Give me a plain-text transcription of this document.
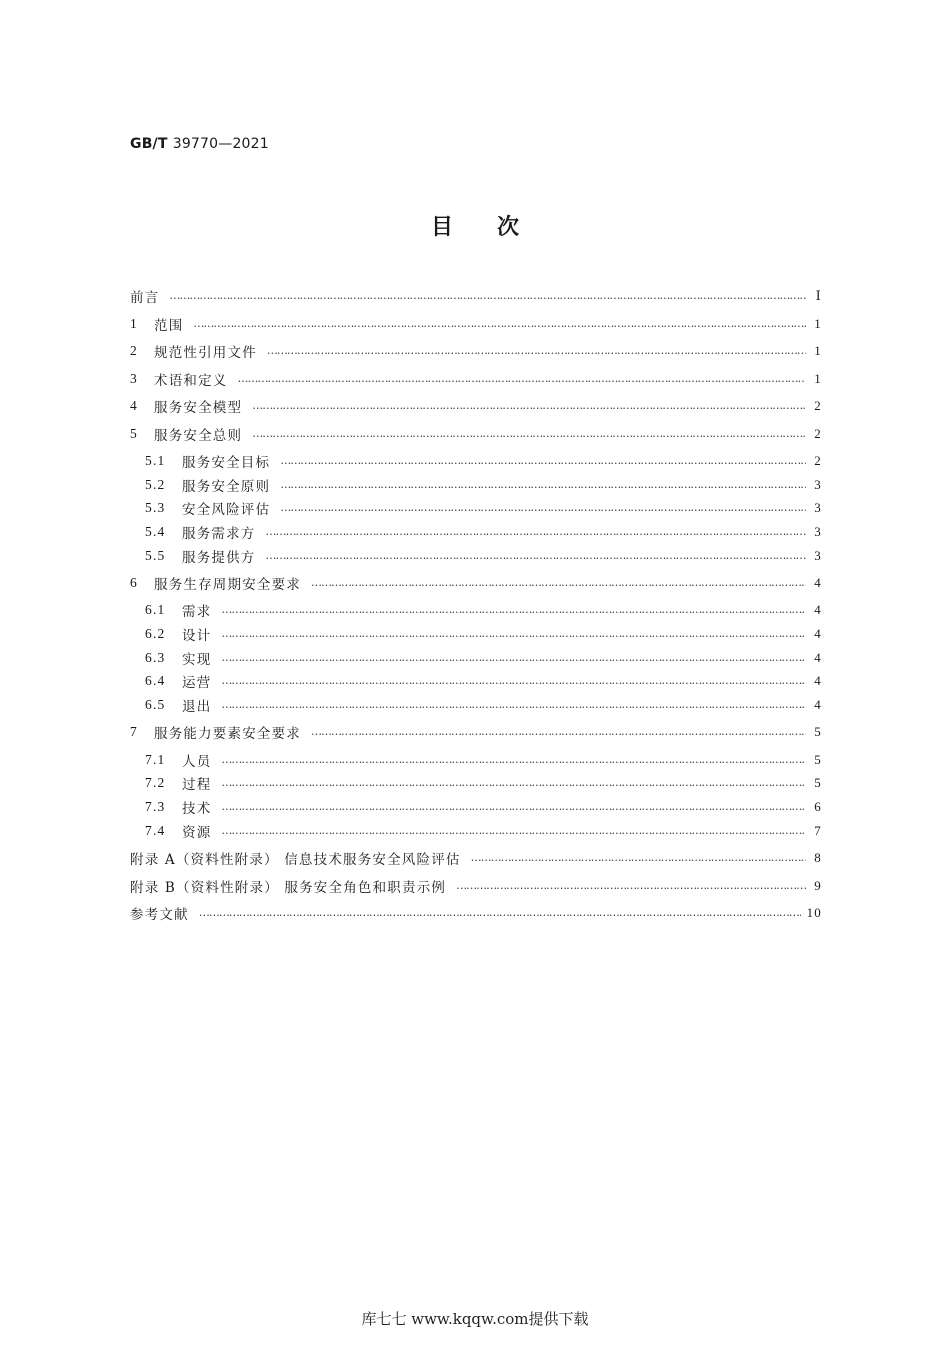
GB/T 39770—2021
目次
前言 …………………………………………………………………………………………………………………………………………………………………………………………………………………………………………………………………………………………	Ⅰ
1	范围 …………………………………………………………………………………………………………………………………………………………………………………………………………………………………………………………………………………………	1
2	规范性引用文件 …………………………………………………………………………………………………………………………………………………………………………………………………………………………………………………………………………………………	1
3	术语和定义 …………………………………………………………………………………………………………………………………………………………………………………………………………………………………………………………………………………………	1
4	服务安全模型 …………………………………………………………………………………………………………………………………………………………………………………………………………………………………………………………………………………………	2
5	服务安全总则 …………………………………………………………………………………………………………………………………………………………………………………………………………………………………………………………………………………………	2
5.1	服务安全目标 …………………………………………………………………………………………………………………………………………………………………………………………………………………………………………………………………………………………	2
5.2	服务安全原则 …………………………………………………………………………………………………………………………………………………………………………………………………………………………………………………………………………………………	3
5.3	安全风险评估 …………………………………………………………………………………………………………………………………………………………………………………………………………………………………………………………………………………………	3
5.4	服务需求方 …………………………………………………………………………………………………………………………………………………………………………………………………………………………………………………………………………………………	3
5.5	服务提供方 …………………………………………………………………………………………………………………………………………………………………………………………………………………………………………………………………………………………	3
6	服务生存周期安全要求 …………………………………………………………………………………………………………………………………………………………………………………………………………………………………………………………………………………………	4
6.1	需求 …………………………………………………………………………………………………………………………………………………………………………………………………………………………………………………………………………………………	4
6.2	设计 …………………………………………………………………………………………………………………………………………………………………………………………………………………………………………………………………………………………	4
6.3	实现 …………………………………………………………………………………………………………………………………………………………………………………………………………………………………………………………………………………………	4
6.4	运营 …………………………………………………………………………………………………………………………………………………………………………………………………………………………………………………………………………………………	4
6.5	退出 …………………………………………………………………………………………………………………………………………………………………………………………………………………………………………………………………………………………	4
7	服务能力要素安全要求 …………………………………………………………………………………………………………………………………………………………………………………………………………………………………………………………………………………………	5
7.1	人员 …………………………………………………………………………………………………………………………………………………………………………………………………………………………………………………………………………………………	5
7.2	过程 …………………………………………………………………………………………………………………………………………………………………………………………………………………………………………………………………………………………	5
7.3	技术 …………………………………………………………………………………………………………………………………………………………………………………………………………………………………………………………………………………………	6
7.4	资源 …………………………………………………………………………………………………………………………………………………………………………………………………………………………………………………………………………………………	7
附录 A（资料性附录） 信息技术服务安全风险评估 …………………………………………………………………………………………………………………………………………………………………………………………………………………………………………………………………………………………	8
附录 B（资料性附录） 服务安全角色和职责示例 …………………………………………………………………………………………………………………………………………………………………………………………………………………………………………………………………………………………	9
参考文献 …………………………………………………………………………………………………………………………………………………………………………………………………………………………………………………………………………………………	10
库七七 www.kqqw.com提供下载
